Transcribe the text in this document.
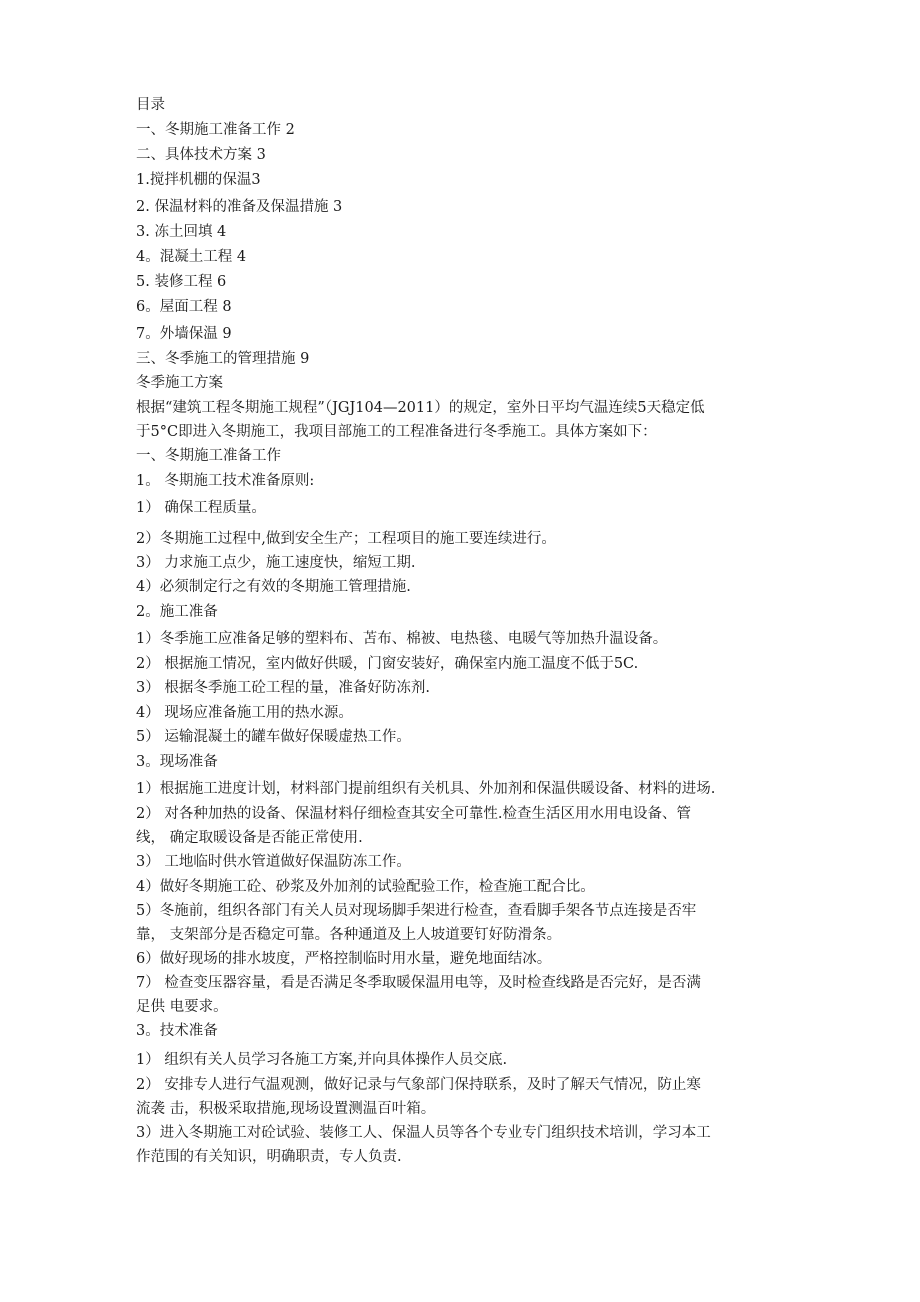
目录
一、冬期施工准备工作 2
二、具体技术方案 3
1.搅拌机棚的保温3
2. 保温材料的准备及保温措施 3
3. 冻土回填 4
4。混凝土工程 4
5. 装修工程 6
6。屋面工程 8
7。外墙保温 9
三、冬季施工的管理措施 9
冬季施工方案
根据“建筑工程冬期施工规程”（JGJ104—2011）的规定，室外日平均气温连续5天稳定低
于5°C即进入冬期施工，我项目部施工的工程准备进行冬季施工。具体方案如下：
一、冬期施工准备工作
1。 冬期施工技术准备原则:
1） 确保工程质量。
2）冬期施工过程中,做到安全生产；工程项目的施工要连续进行。
3） 力求施工点少，施工速度快，缩短工期.
4）必须制定行之有效的冬期施工管理措施.
2。施工准备
1）冬季施工应准备足够的塑料布、苫布、棉被、电热毯、电暖气等加热升温设备。
2） 根据施工情况，室内做好供暖，门窗安装好，确保室内施工温度不低于5C.
3） 根据冬季施工砼工程的量，准备好防冻剂.
4） 现场应准备施工用的热水源。
5） 运输混凝土的罐车做好保暖虚热工作。
3。现场准备
1）根据施工进度计划，材料部门提前组织有关机具、外加剂和保温供暖设备、材料的进场.
2） 对各种加热的设备、保温材料仔细检查其安全可靠性.检查生活区用水用电设备、管
线， 确定取暖设备是否能正常使用.
3） 工地临时供水管道做好保温防冻工作。
4）做好冬期施工砼、砂浆及外加剂的试验配验工作，检查施工配合比。
5）冬施前，组织各部门有关人员对现场脚手架进行检查，查看脚手架各节点连接是否牢
靠， 支架部分是否稳定可靠。各种通道及上人坡道要钉好防滑条。
6）做好现场的排水坡度，严格控制临时用水量，避免地面结冰。
7） 检查变压器容量，看是否满足冬季取暖保温用电等，及时检查线路是否完好，是否满
足供 电要求。
3。技术准备
1） 组织有关人员学习各施工方案,并向具体操作人员交底.
2） 安排专人进行气温观测，做好记录与气象部门保持联系，及时了解天气情况，防止寒
流袭 击，积极采取措施,现场设置测温百叶箱。
3）进入冬期施工对砼试验、装修工人、保温人员等各个专业专门组织技术培训，学习本工
作范围的有关知识，明确职责，专人负责.
